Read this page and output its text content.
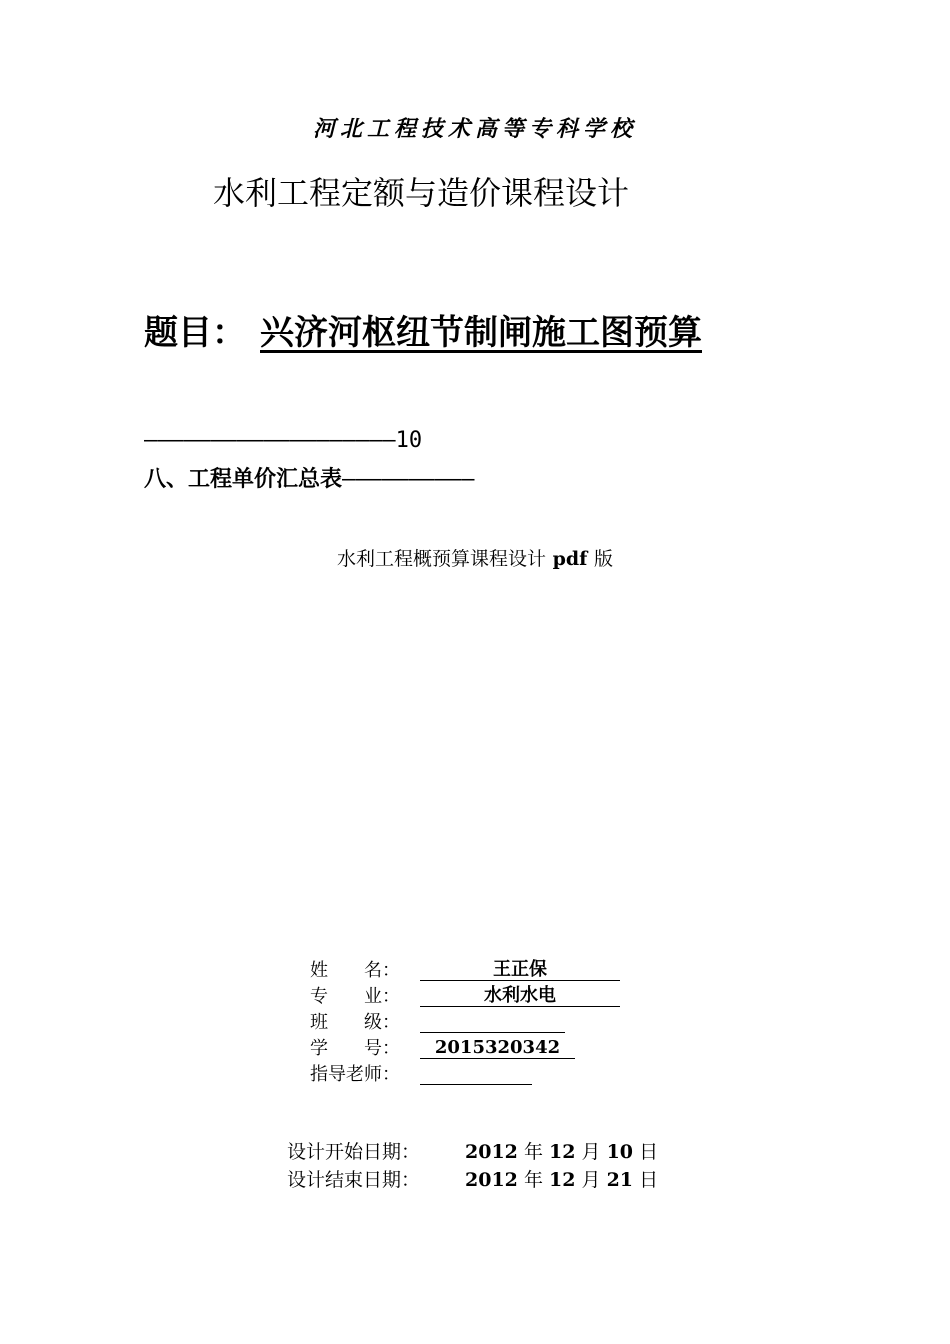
河北工程技术高等专科学校
水利工程定额与造价课程设计
题目： 兴济河枢纽节制闸施工图预算
———————————————————10
八、工程单价汇总表——————————
水利工程概预算课程设计 pdf 版
姓　　名：	王正保
专　　业：	水利水电
班　　级：
学　　号：	2015320342
指导老师：
设计开始日期：	2012 年 12 月 10 日
设计结束日期：	2012 年 12 月 21 日
